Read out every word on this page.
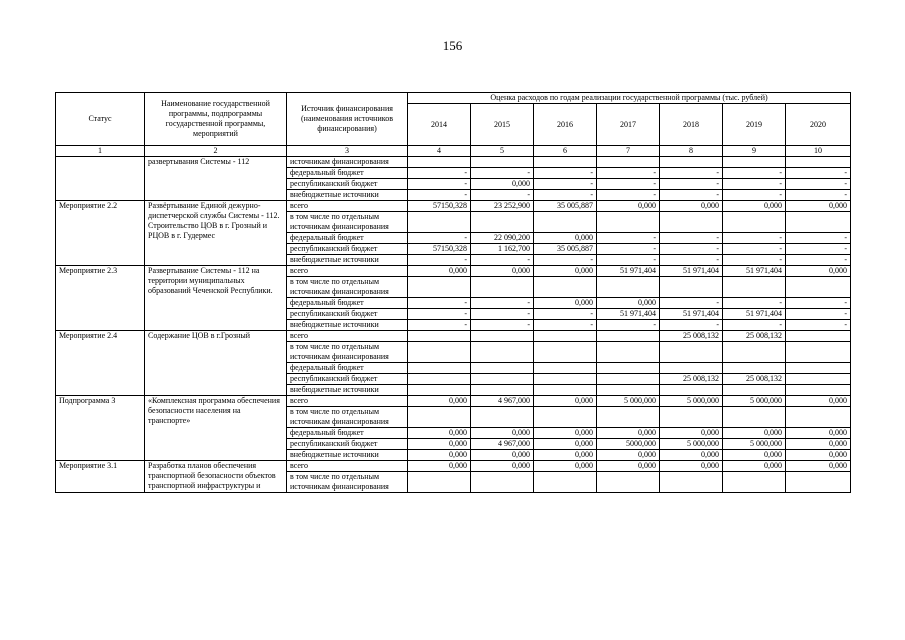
156
Статус	Наименование государственной программы, подпрограммы государственной программы, мероприятий	Источник финансирования (наименования источников финансирования)	Оценка расходов по годам реализации государственной программы (тыс. рублей)						
			2014	2015	2016	2017	2018	2019	2020
1	2	3	4	5	6	7	8	9	10
	развертывания Системы - 112	источникам финансирования							
		федеральный бюджет	-	-	-	-	-	-	-
		республиканский бюджет	-	0,000	-	-	-	-	-
		внебюджетные источники	-	-	-	-	-	-	-
Мероприятие 2.2	Развёртывание Единой дежурно-диспетчерской службы Системы - 112. Строительство ЦОВ в г. Грозный и РЦОВ в г. Гудермес	всего	57150,328	23 252,900	35 005,887	0,000	0,000	0,000	0,000
		в том числе по отдельным источникам финансирования							
		федеральный бюджет	-	22 090,200	0,000	-	-	-	-
		республиканский бюджет	57150,328	1 162,700	35 005,887	-	-	-	-
		внебюджетные источники	-	-	-	-	-	-	-
Мероприятие 2.3	Развертывание Системы - 112 на территории муниципальных образований Чеченской Республики.	всего	0,000	0,000	0,000	51 971,404	51 971,404	51 971,404	0,000
		в том числе по отдельным источникам финансирования							
		федеральный бюджет	-	-	0,000	0,000	-	-	-
		республиканский бюджет	-	-	-	51 971,404	51 971,404	51 971,404	-
		внебюджетные источники	-	-	-	-	-	-	-
Мероприятие 2.4	Содержание ЦОВ в г.Грозный	всего					25 008,132	25 008,132	
		в том числе по отдельным источникам финансирования							
		федеральный бюджет							
		республиканский бюджет					25 008,132	25 008,132	
		внебюджетные источники							
Подпрограмма 3	«Комплексная программа обеспечения безопасности населения на транспорте»	всего	0,000	4 967,000	0,000	5 000,000	5 000,000	5 000,000	0,000
		в том числе по отдельным источникам финансирования							
		федеральный бюджет	0,000	0,000	0,000	0,000	0,000	0,000	0,000
		республиканский бюджет	0,000	4 967,000	0,000	5000,000	5 000,000	5 000,000	0,000
		внебюджетные источники	0,000	0,000	0,000	0,000	0,000	0,000	0,000
Мероприятие 3.1	Разработка планов обеспечения транспортной безопасности объектов транспортной инфраструктуры и	всего	0,000	0,000	0,000	0,000	0,000	0,000	0,000
		в том числе по отдельным источникам финансирования							
